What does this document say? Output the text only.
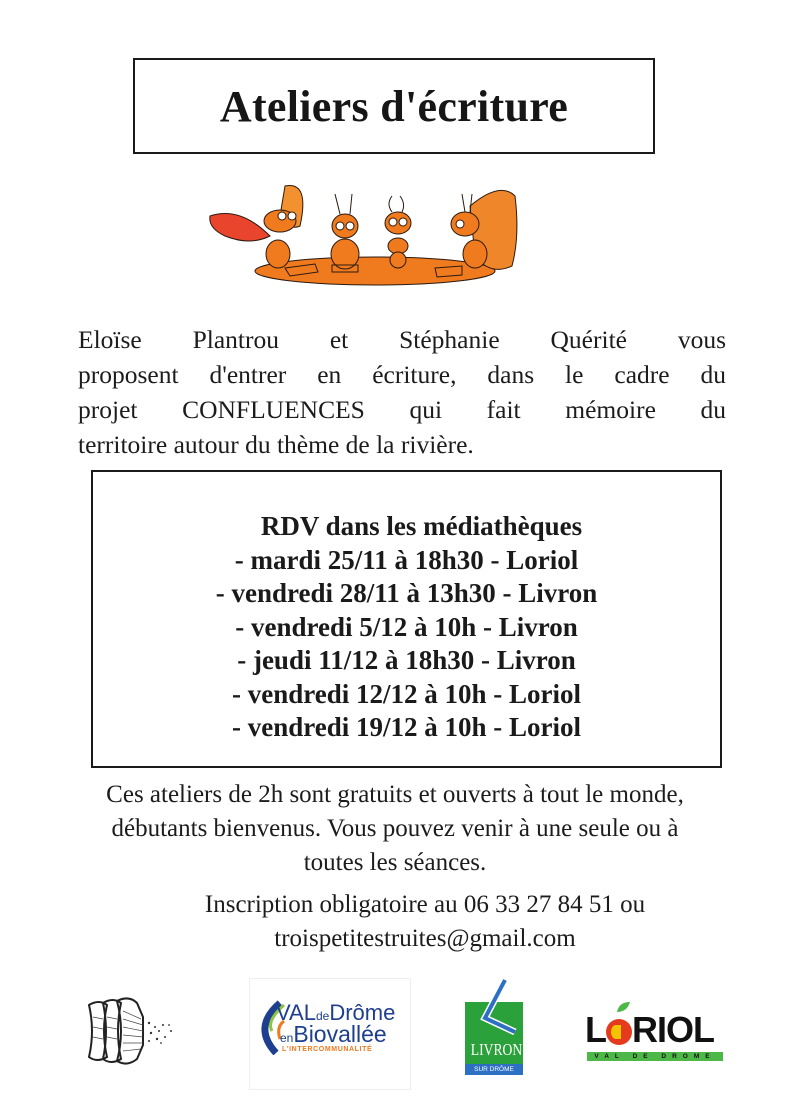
Ateliers d'écriture
Eloïse Plantrou et Stéphanie Quérité vous
proposent d'entrer en écriture, dans le cadre du
projet CONFLUENCES qui fait mémoire du
territoire autour du thème de la rivière.
RDV dans les médiathèques
- mardi 25/11 à 18h30 - Loriol
- vendredi 28/11 à 13h30 - Livron
- vendredi 5/12 à 10h - Livron
- jeudi 11/12 à 18h30 - Livron
- vendredi 12/12 à 10h - Loriol
- vendredi 19/12 à 10h - Loriol
Ces ateliers de 2h sont gratuits et ouverts à tout le monde,
débutants bienvenus. Vous pouvez venir à une seule ou à
toutes les séances.
Inscription obligatoire au 06 33 27 84 51 ou
troispetitestruites@gmail.com
VALdeDrôme
enBiovallée
L'INTERCOMMUNALITÉ	LIVRON
SUR DRÔME
L RIOL
VAL DE DROME
